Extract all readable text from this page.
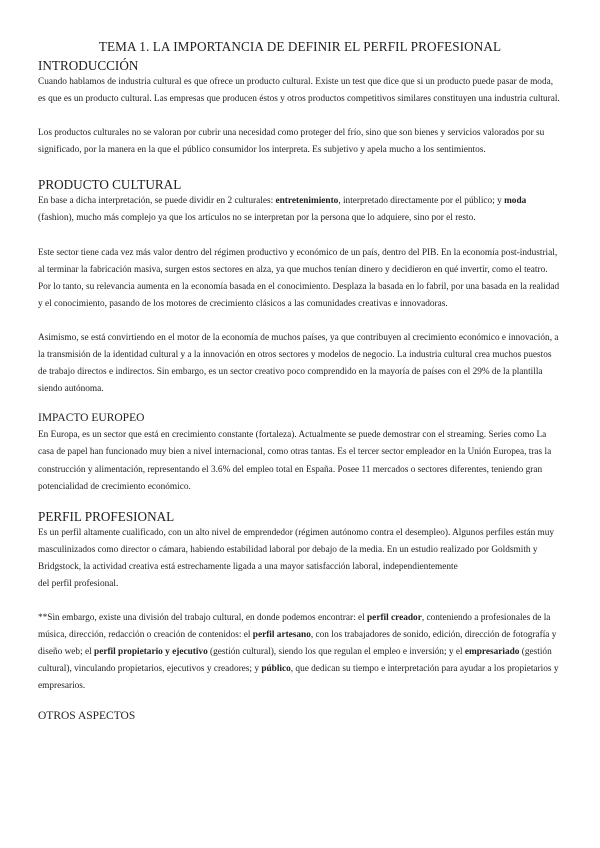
TEMA 1. LA IMPORTANCIA DE DEFINIR EL PERFIL PROFESIONAL
INTRODUCCIÓN

Cuando hablamos de industria cultural es que ofrece un producto cultural. Existe un test que dice que si un producto puede pasar de moda, es que es un producto cultural. Las empresas que producen éstos y otros productos competitivos similares constituyen una industria cultural.

Los productos culturales no se valoran por cubrir una necesidad como proteger del frío, sino que son bienes y servicios valorados por su significado, por la manera en la que el público consumidor los interpreta. Es subjetivo y apela mucho a los sentimientos.

PRODUCTO CULTURAL

En base a dicha interpretación, se puede dividir en 2 culturales: entretenimiento, interpretado directamente por el público; y moda (fashion), mucho más complejo ya que los artículos no se interpretan por la persona que lo adquiere, sino por el resto.

Este sector tiene cada vez más valor dentro del régimen productivo y económico de un país, dentro del PIB. En la economía post-industrial, al terminar la fabricación masiva, surgen estos sectores en alza, ya que muchos tenían dinero y decidieron en qué invertir, como el teatro. Por lo tanto, su relevancia aumenta en la economía basada en el conocimiento. Desplaza la basada en lo fabril, por una basada en la realidad y el conocimiento, pasando de los motores de crecimiento clásicos a las comunidades creativas e innovadoras.

Asimismo, se está convirtiendo en el motor de la economía de muchos países, ya que contribuyen al crecimiento económico e innovación, a la transmisión de la identidad cultural y a la innovación en otros sectores y modelos de negocio. La industria cultural crea muchos puestos de trabajo directos e indirectos. Sin embargo, es un sector creativo poco comprendido en la mayoría de países con el 29% de la plantilla siendo autónoma.

IMPACTO EUROPEO

En Europa, es un sector que está en crecimiento constante (fortaleza). Actualmente se puede demostrar con el streaming. Series como La casa de papel han funcionado muy bien a nivel internacional, como otras tantas. Es el tercer sector empleador en la Unión Europea, tras la construcción y alimentación, representando el 3.6% del empleo total en España. Posee 11 mercados o sectores diferentes, teniendo gran potencialidad de crecimiento económico.

PERFIL PROFESIONAL

Es un perfil altamente cualificado, con un alto nivel de emprendedor (régimen autónomo contra el desempleo). Algunos perfiles están muy masculinizados como director o cámara, habiendo estabilidad laboral por debajo de la media. En un estudio realizado por Goldsmith y Bridgstock, la actividad creativa está estrechamente ligada a una mayor satisfacción laboral, independientemente
del perfil profesional.

**Sin embargo, existe una división del trabajo cultural, en donde podemos encontrar: el perfil creador, conteniendo a profesionales de la música, dirección, redacción o creación de contenidos: el perfil artesano, con los trabajadores de sonido, edición, dirección de fotografía y diseño web; el perfil propietario y ejecutivo (gestión cultural), siendo los que regulan el empleo e inversión; y el empresariado (gestión cultural), vinculando propietarios, ejecutivos y creadores; y público, que dedican su tiempo e interpretación para ayudar a los propietarios y empresarios.

OTROS ASPECTOS
